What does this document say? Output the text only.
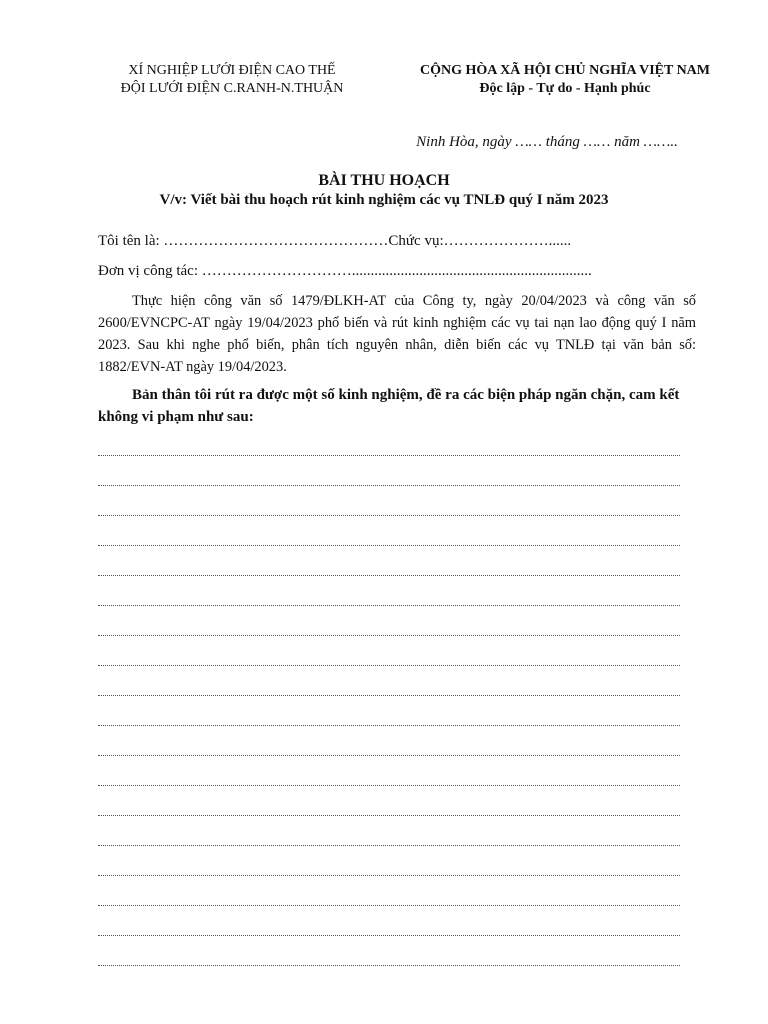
XÍ NGHIỆP LƯỚI ĐIỆN CAO THẾ
ĐỘI LƯỚI ĐIỆN C.RANH-N.THUẬN
CỘNG HÒA XÃ HỘI CHỦ NGHĨA VIỆT NAM
Độc lập - Tự do - Hạnh phúc
Ninh Hòa, ngày …… tháng …… năm ……..
BÀI THU HOẠCH
V/v: Viết bài thu hoạch rút kinh nghiệm các vụ TNLĐ quý I năm 2023
Tôi tên là: ………………………………………Chức vụ:…………………......
Đơn vị công tác: …………………………................................................................
Thực hiện công văn số 1479/ĐLKH-AT của Công ty, ngày 20/04/2023 và công văn số 2600/EVNCPC-AT ngày 19/04/2023 phổ biến và rút kinh nghiệm các vụ tai nạn lao động quý I năm 2023. Sau khi nghe phổ biến, phân tích nguyên nhân, diễn biến các vụ TNLĐ tại văn bản số: 1882/EVN-AT ngày 19/04/2023.
Bản thân tôi rút ra được một số kinh nghiệm, đề ra các biện pháp ngăn chặn, cam kết không vi phạm như sau:
